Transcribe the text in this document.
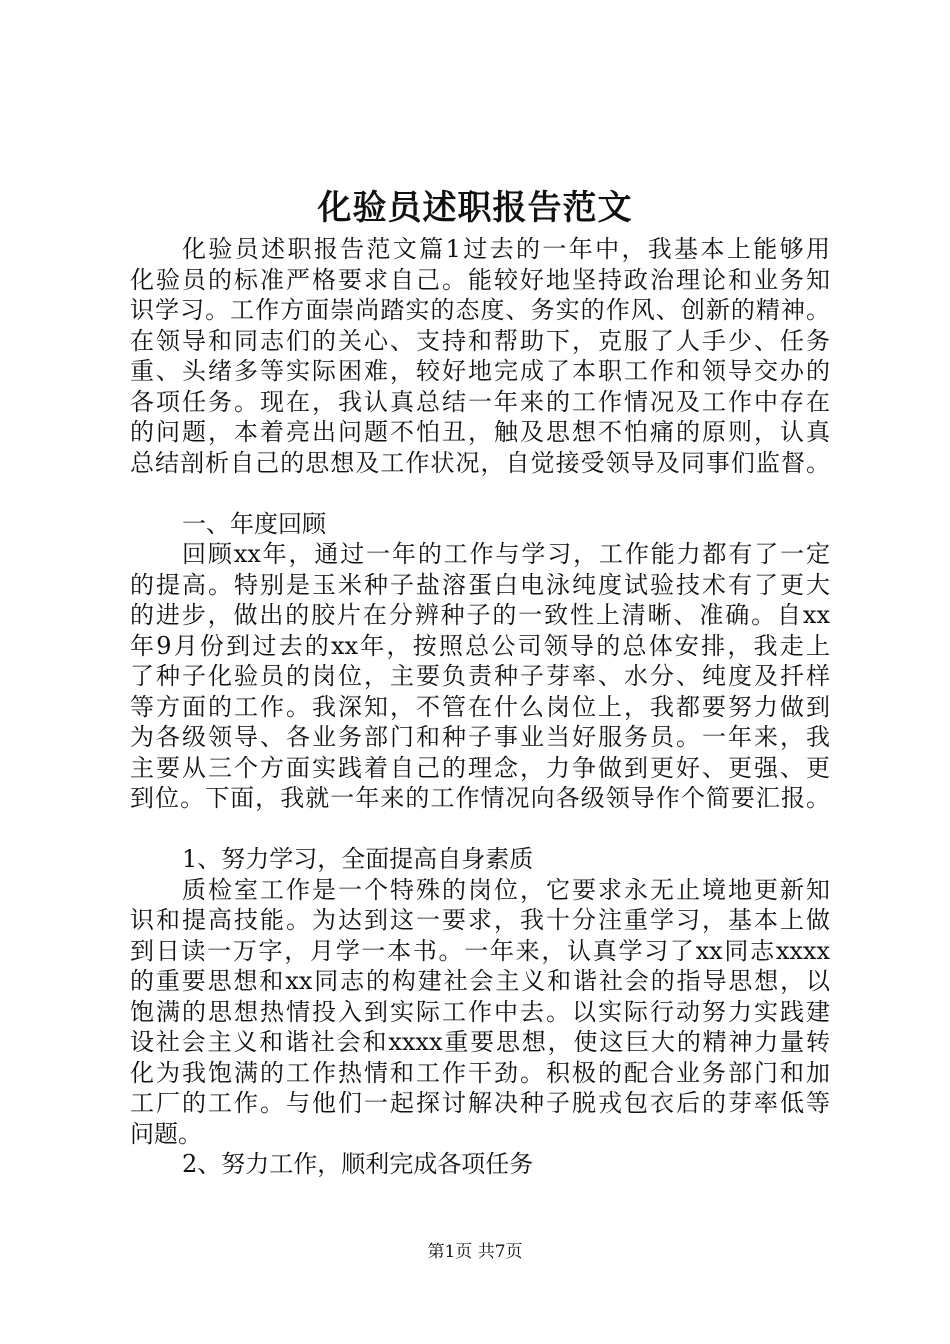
化验员述职报告范文
化验员述职报告范文篇1过去的一年中，我基本上能够用
化验员的标准严格要求自己。能较好地坚持政治理论和业务知
识学习。工作方面崇尚踏实的态度、务实的作风、创新的精神。
在领导和同志们的关心、支持和帮助下，克服了人手少、任务
重、头绪多等实际困难，较好地完成了本职工作和领导交办的
各项任务。现在，我认真总结一年来的工作情况及工作中存在
的问题，本着亮出问题不怕丑，触及思想不怕痛的原则，认真
总结剖析自己的思想及工作状况，自觉接受领导及同事们监督。
一、年度回顾
回顾xx年，通过一年的工作与学习，工作能力都有了一定
的提高。特别是玉米种子盐溶蛋白电泳纯度试验技术有了更大
的进步，做出的胶片在分辨种子的一致性上清晰、准确。自xx
年9月份到过去的xx年，按照总公司领导的总体安排，我走上
了种子化验员的岗位，主要负责种子芽率、水分、纯度及扦样
等方面的工作。我深知，不管在什么岗位上，我都要努力做到
为各级领导、各业务部门和种子事业当好服务员。一年来，我
主要从三个方面实践着自己的理念，力争做到更好、更强、更
到位。下面，我就一年来的工作情况向各级领导作个简要汇报。
1、努力学习，全面提高自身素质
质检室工作是一个特殊的岗位，它要求永无止境地更新知
识和提高技能。为达到这一要求，我十分注重学习，基本上做
到日读一万字，月学一本书。一年来，认真学习了xx同志xxxx
的重要思想和xx同志的构建社会主义和谐社会的指导思想，以
饱满的思想热情投入到实际工作中去。以实际行动努力实践建
设社会主义和谐社会和xxxx重要思想，使这巨大的精神力量转
化为我饱满的工作热情和工作干劲。积极的配合业务部门和加
工厂的工作。与他们一起探讨解决种子脱戎包衣后的芽率低等
问题。
2、努力工作，顺利完成各项任务
第1页 共7页
